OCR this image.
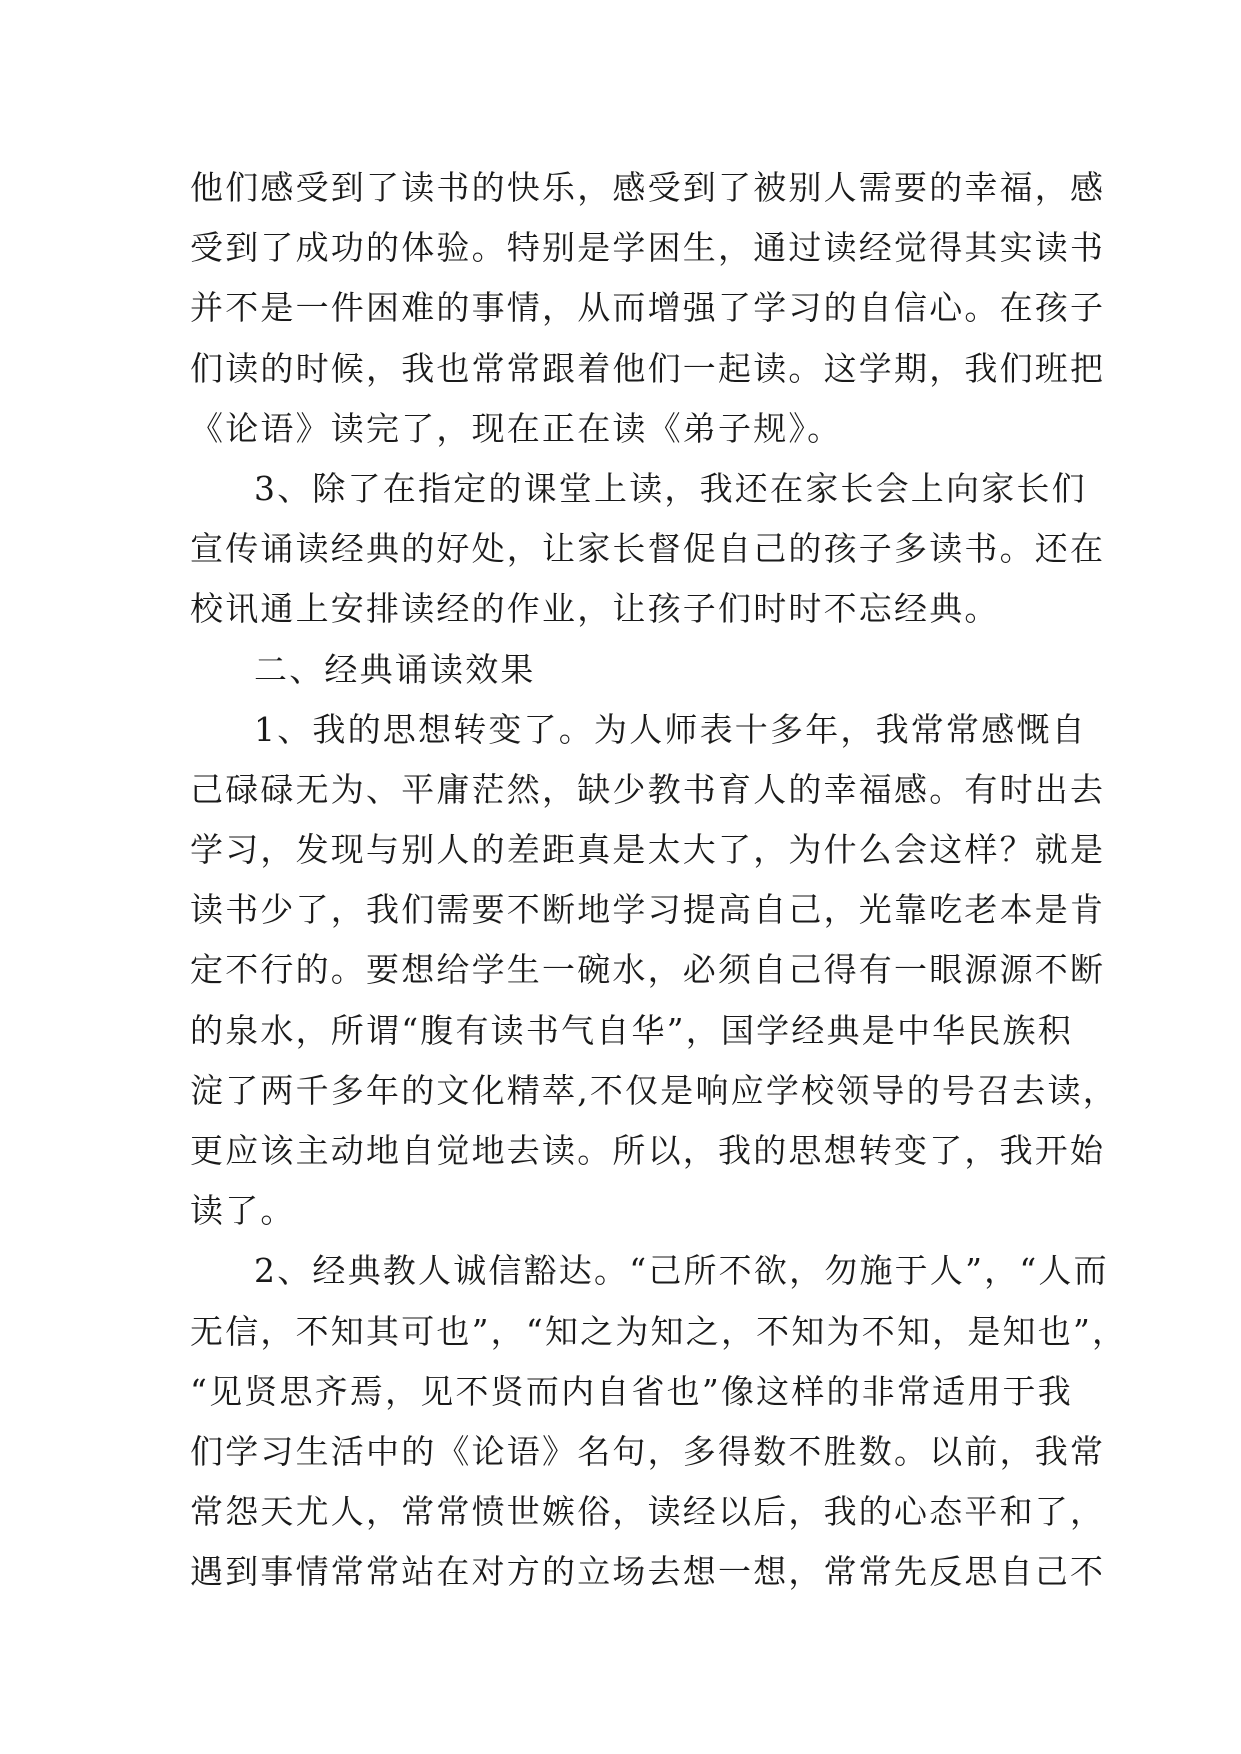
他们感受到了读书的快乐，感受到了被别人需要的幸福，感
受到了成功的体验。特别是学困生，通过读经觉得其实读书
并不是一件困难的事情，从而增强了学习的自信心。在孩子
们读的时候，我也常常跟着他们一起读。这学期，我们班把
《论语》读完了，现在正在读《弟子规》。
3、除了在指定的课堂上读，我还在家长会上向家长们
宣传诵读经典的好处，让家长督促自己的孩子多读书。还在
校讯通上安排读经的作业，让孩子们时时不忘经典。
二、经典诵读效果
1、我的思想转变了。为人师表十多年，我常常感慨自
己碌碌无为、平庸茫然，缺少教书育人的幸福感。有时出去
学习，发现与别人的差距真是太大了，为什么会这样？就是
读书少了，我们需要不断地学习提高自己，光靠吃老本是肯
定不行的。要想给学生一碗水，必须自己得有一眼源源不断
的泉水，所谓“腹有读书气自华”，国学经典是中华民族积
淀了两千多年的文化精萃,不仅是响应学校领导的号召去读，
更应该主动地自觉地去读。所以，我的思想转变了，我开始
读了。
2、经典教人诚信豁达。“己所不欲，勿施于人”，“人而
无信，不知其可也”，“知之为知之，不知为不知，是知也”，
“见贤思齐焉，见不贤而内自省也”像这样的非常适用于我
们学习生活中的《论语》名句，多得数不胜数。以前，我常
常怨天尤人，常常愤世嫉俗，读经以后，我的心态平和了，
遇到事情常常站在对方的立场去想一想，常常先反思自己不
